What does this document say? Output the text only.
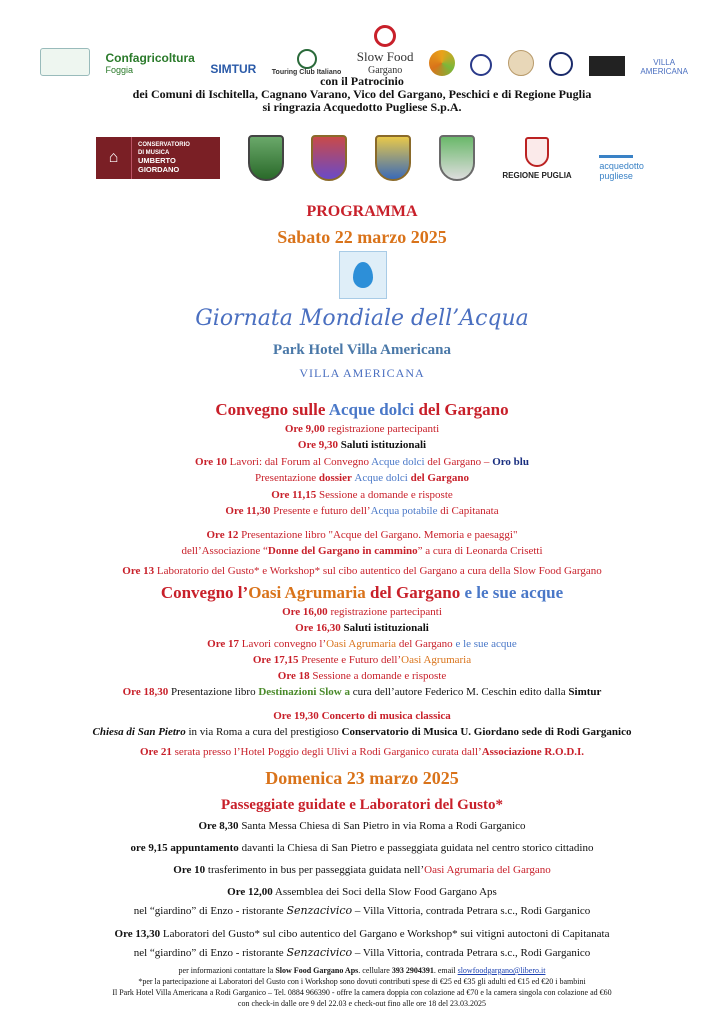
Confagricoltura
Foggia	SIMTUR Touring Club Italiano
Slow Food
Gargano
VILLA
AMERICANA
con il Patrocinio
dei Comuni di Ischitella, Cagnano Varano, Vico del Gargano, Peschici e di Regione Puglia
si ringrazia Acquedotto Pugliese S.p.A.
⌂
CONSERVATORIO
DI MUSICA
UMBERTO
GIORDANO
REGIONE PUGLIA
acquedotto
pugliese
PROGRAMMA
Sabato 22 marzo 2025
Giornata Mondiale dell’Acqua
Park Hotel Villa Americana
VILLA AMERICANA
Convegno sulle Acque dolci del Gargano
Ore 9,00 registrazione partecipanti
Ore 9,30 Saluti istituzionali
Ore 10 Lavori: dal Forum al Convegno Acque dolci del Gargano – Oro blu
Presentazione dossier Acque dolci del Gargano
Ore 11,15 Sessione a domande e risposte
Ore 11,30 Presente e futuro dell’Acqua potabile di Capitanata
Ore 12 Presentazione libro "Acque del Gargano. Memoria e paesaggi"
dell’Associazione “Donne del Gargano in cammino” a cura di Leonarda Crisetti
Ore 13 Laboratorio del Gusto* e Workshop* sul cibo autentico del Gargano a cura della Slow Food Gargano
Convegno l’Oasi Agrumaria del Gargano e le sue acque
Ore 16,00 registrazione partecipanti
Ore 16,30 Saluti istituzionali
Ore 17 Lavori convegno l’Oasi Agrumaria del Gargano e le sue acque
Ore 17,15 Presente e Futuro dell’Oasi Agrumaria
Ore 18 Sessione a domande e risposte
Ore 18,30 Presentazione libro Destinazioni Slow a cura dell’autore Federico M. Ceschin edito dalla Simtur
Ore 19,30 Concerto di musica classica
Chiesa di San Pietro in via Roma a cura del prestigioso Conservatorio di Musica U. Giordano sede di Rodi Garganico
Ore 21 serata presso l’Hotel Poggio degli Ulivi a Rodi Garganico curata dall’Associazione R.O.D.I.
Domenica 23 marzo 2025
Passeggiate guidate e Laboratori del Gusto*
Ore 8,30 Santa Messa Chiesa di San Pietro in via Roma a Rodi Garganico
ore 9,15 appuntamento davanti la Chiesa di San Pietro e passeggiata guidata nel centro storico cittadino
Ore 10 trasferimento in bus per passeggiata guidata nell’Oasi Agrumaria del Gargano
Ore 12,00 Assemblea dei Soci della Slow Food Gargano Aps
nel “giardino” di Enzo - ristorante Senzacivico – Villa Vittoria, contrada Petrara s.c., Rodi Garganico
Ore 13,30 Laboratori del Gusto* sul cibo autentico del Gargano e Workshop* sui vitigni autoctoni di Capitanata
nel “giardino” di Enzo - ristorante Senzacivico – Villa Vittoria, contrada Petrara s.c., Rodi Garganico
per informazioni contattare la Slow Food Gargano Aps. cellulare 393 2904391. email slowfoodgargano@libero.it
*per la partecipazione ai Laboratori del Gusto con i Workshop sono dovuti contributi spese di €25 ed €35 gli adulti ed €15 ed €20 i bambini
Il Park Hotel Villa Americana a Rodi Garganico – Tel. 0884 966390 - offre la camera doppia con colazione ad €70 e la camera singola con colazione ad €60
con check-in dalle ore 9 del 22.03 e check-out fino alle ore 18 del 23.03.2025
